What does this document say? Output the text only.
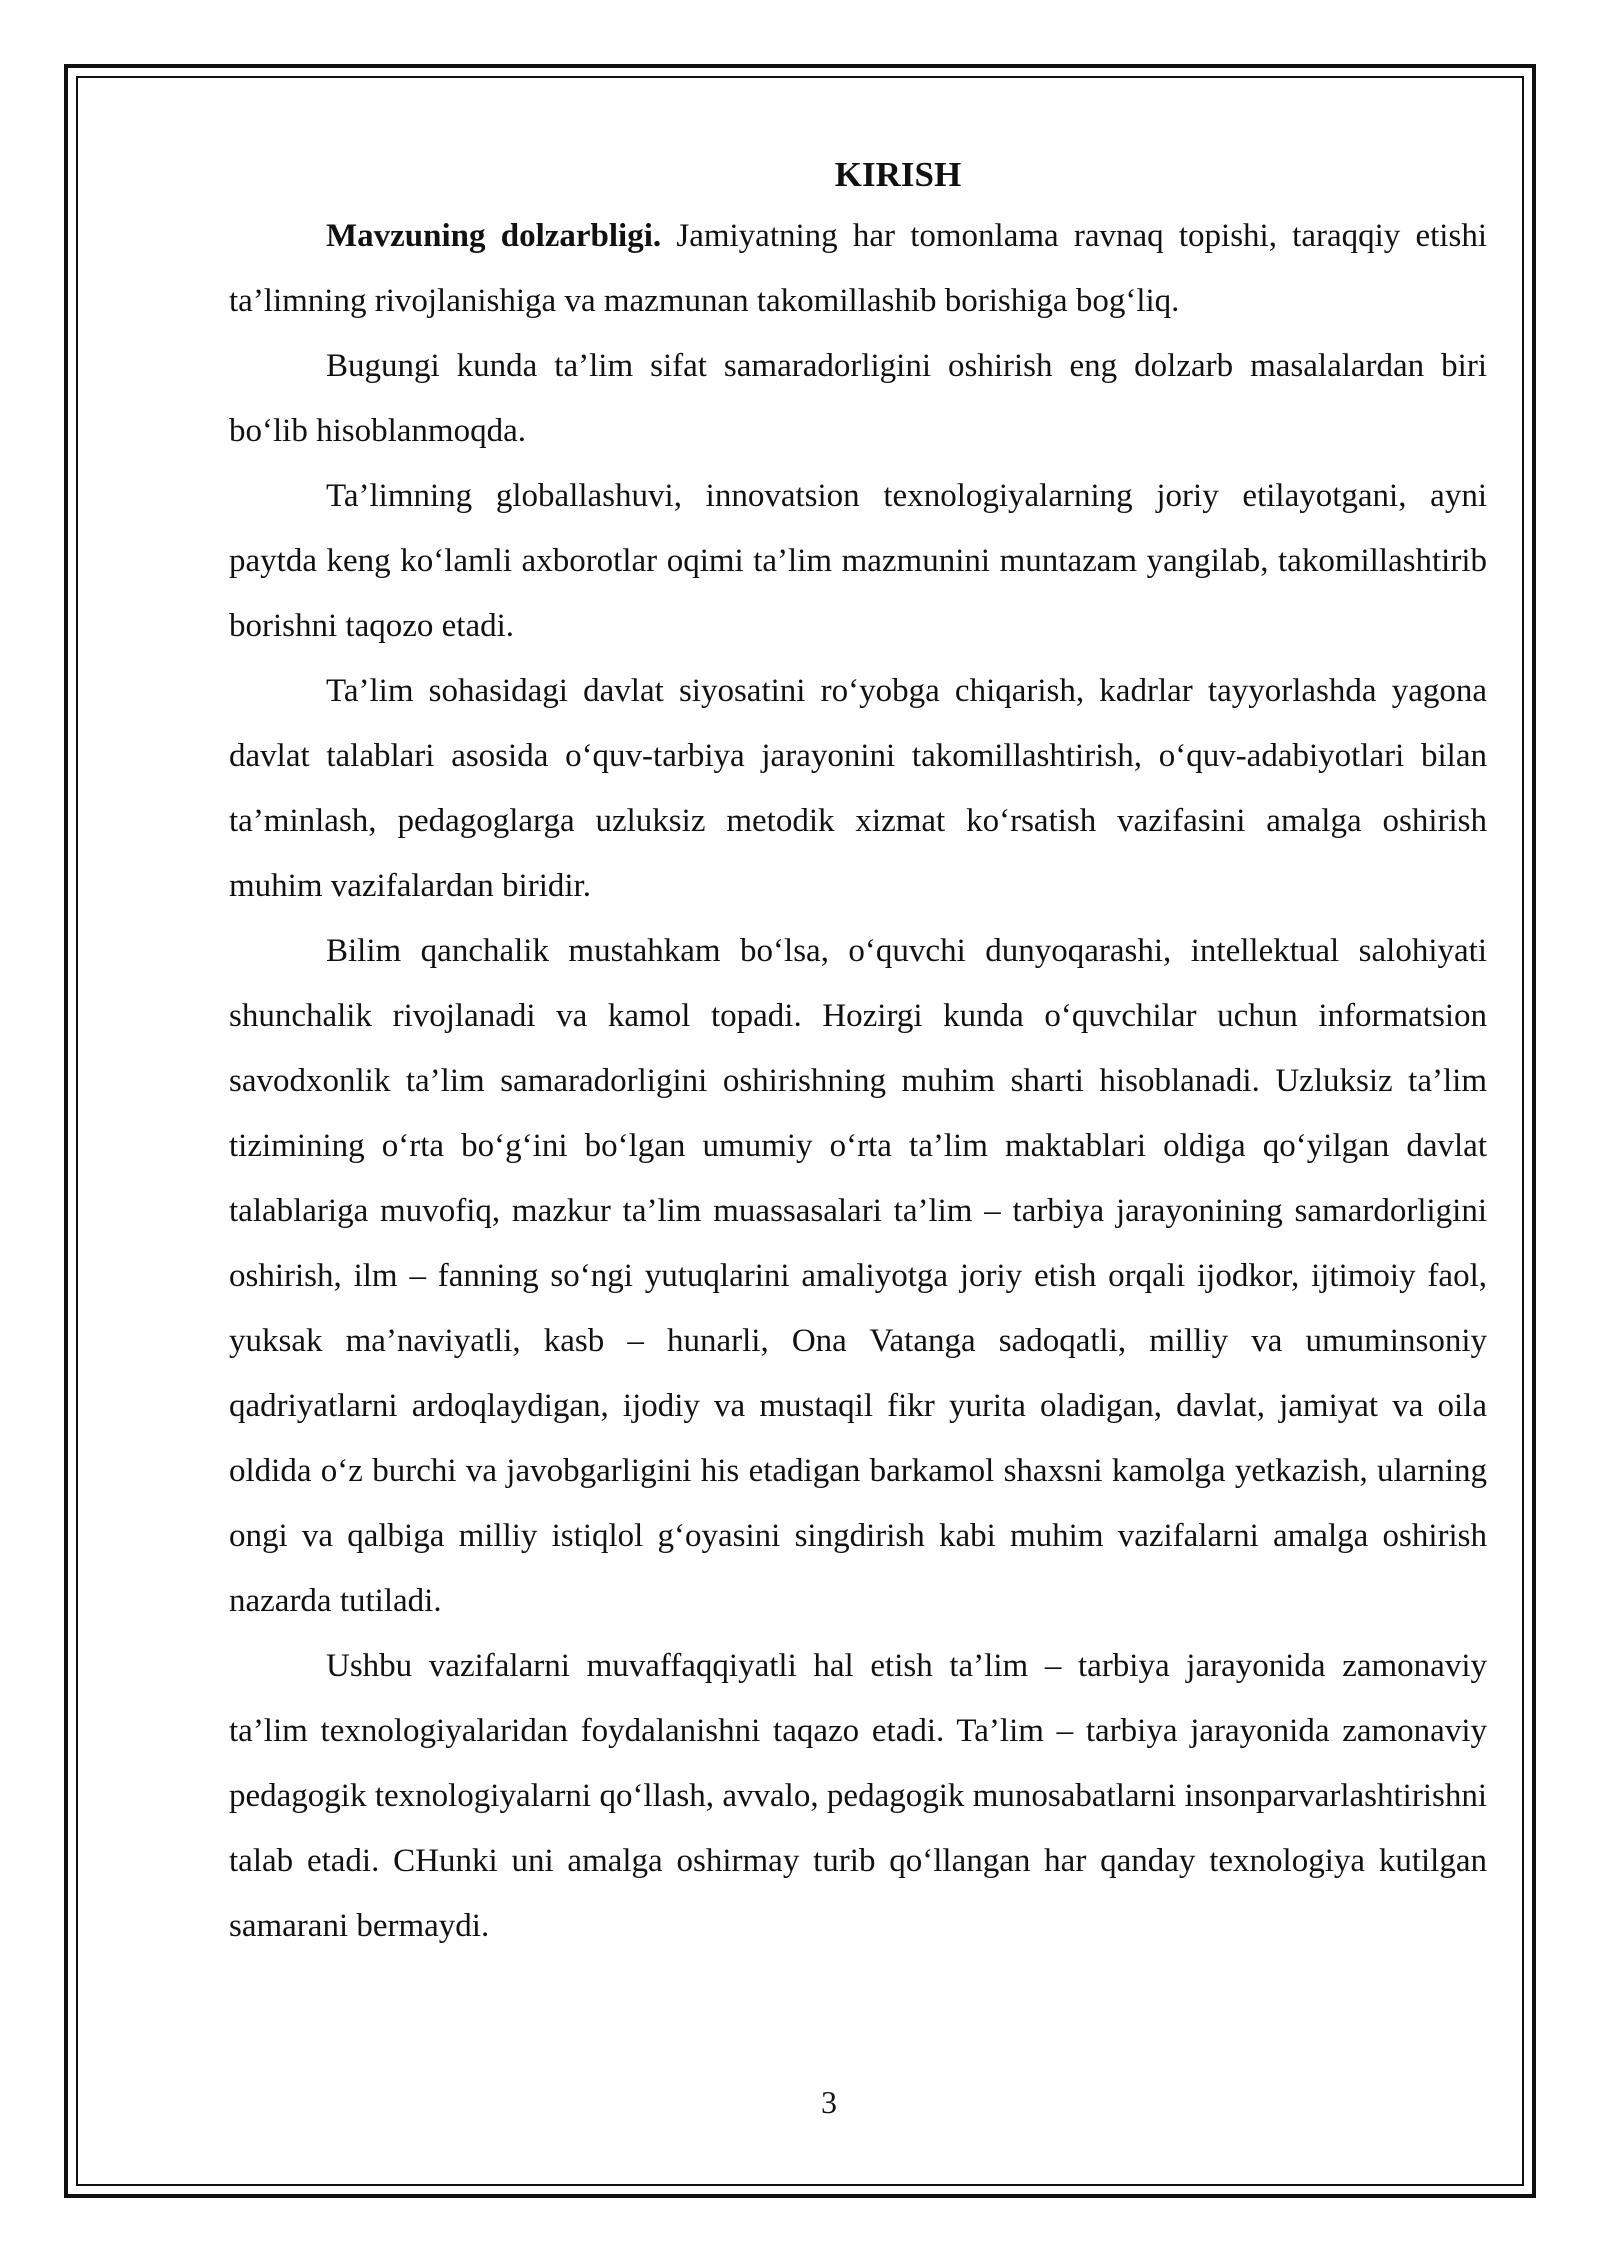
KIRISH

Mavzuning dolzarbligi. Jamiyatning har tomonlama ravnaq topishi, taraqqiy etishi ta’limning rivojlanishiga va mazmunan takomillashib borishiga bog‘liq.

Bugungi kunda ta’lim sifat samaradorligini oshirish eng dolzarb masalalardan biri bo‘lib hisoblanmoqda.

Ta’limning globallashuvi, innovatsion texnologiyalarning joriy etilayotgani, ayni paytda keng ko‘lamli axborotlar oqimi ta’lim mazmunini muntazam yangilab, takomillashtirib borishni taqozo etadi.

Ta’lim sohasidagi davlat siyosatini ro‘yobga chiqarish, kadrlar tayyorlashda yagona davlat talablari asosida o‘quv-tarbiya jarayonini takomillashtirish, o‘quv-adabiyotlari bilan ta’minlash, pedagoglarga uzluksiz metodik xizmat ko‘rsatish vazifasini amalga oshirish muhim vazifalardan biridir.

Bilim qanchalik mustahkam bo‘lsa, o‘quvchi dunyoqarashi, intellektual salohiyati shunchalik rivojlanadi va kamol topadi. Hozirgi kunda o‘quvchilar uchun informatsion savodxonlik ta’lim samaradorligini oshirishning muhim sharti hisoblanadi. Uzluksiz ta’lim tizimining o‘rta bo‘g‘ini bo‘lgan umumiy o‘rta ta’lim maktablari oldiga qo‘yilgan davlat talablariga muvofiq, mazkur ta’lim muassasalari ta’lim – tarbiya jarayonining samardorligini oshirish, ilm – fanning so‘ngi yutuqlarini amaliyotga joriy etish orqali ijodkor, ijtimoiy faol, yuksak ma’naviyatli, kasb – hunarli, Ona Vatanga sadoqatli, milliy va umuminsoniy qadriyatlarni ardoqlaydigan, ijodiy va mustaqil fikr yurita oladigan, davlat, jamiyat va oila oldida o‘z burchi va javobgarligini his etadigan barkamol shaxsni kamolga yetkazish, ularning ongi va qalbiga milliy istiqlol g‘oyasini singdirish kabi muhim vazifalarni amalga oshirish nazarda tutiladi.

Ushbu vazifalarni muvaffaqqiyatli hal etish ta’lim – tarbiya jarayonida zamonaviy ta’lim texnologiyalaridan foydalanishni taqazo etadi. Ta’lim – tarbiya jarayonida zamonaviy pedagogik texnologiyalarni qo‘llash, avvalo, pedagogik munosabatlarni insonparvarlashtirishni talab etadi. CHunki uni amalga oshirmay turib qo‘llangan har qanday texnologiya kutilgan samarani bermaydi.

3
